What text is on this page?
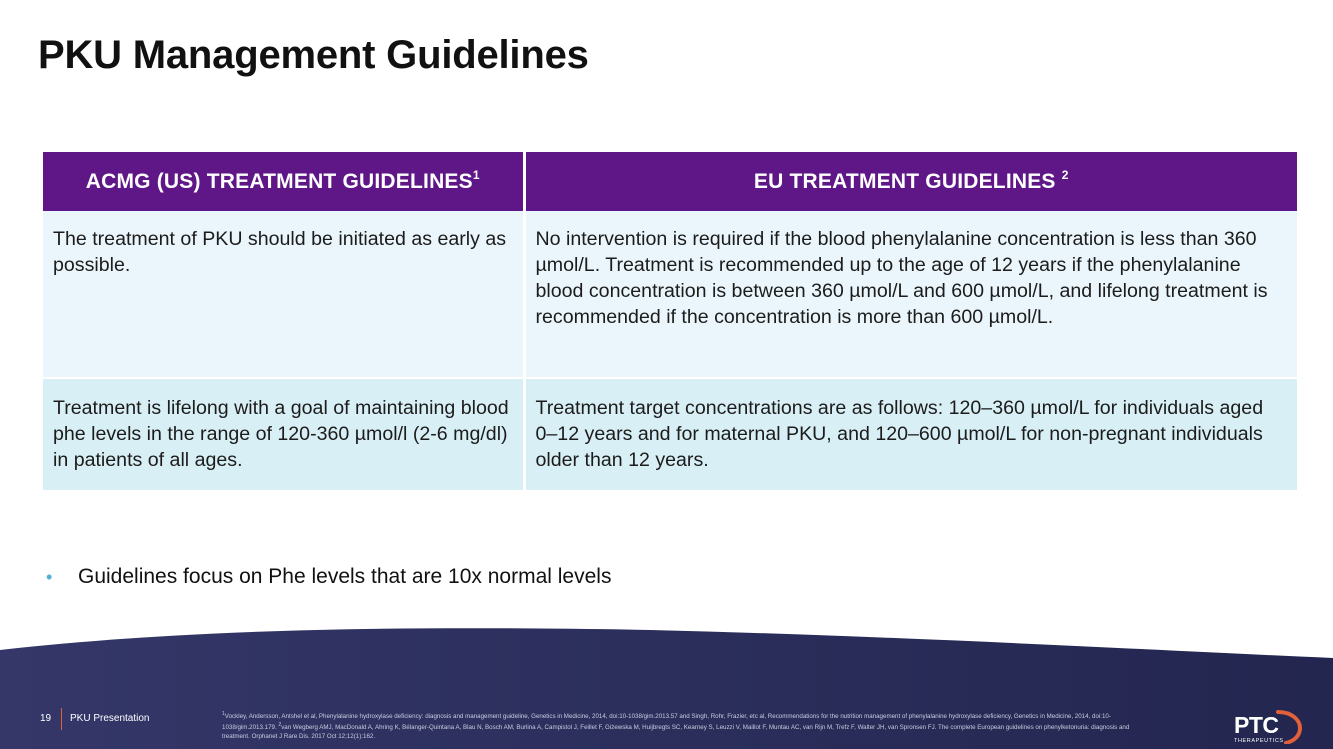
PKU Management Guidelines
ACMG (US) TREATMENT GUIDELINES$^1$	EU TREATMENT GUIDELINES $^2$
The treatment of PKU should be initiated as early as possible.	No intervention is required if the blood phenylalanine concentration is less than 360 µmol/L. Treatment is recommended up to the age of 12 years if the phenylalanine blood concentration is between 360 µmol/L and 600 µmol/L, and lifelong treatment is recommended if the concentration is more than 600 µmol/L.
Treatment is lifelong with a goal of maintaining blood phe levels in the range of 120-360 µmol/l (2-6 mg/dl) in patients of all ages.	Treatment target concentrations are as follows: 120–360 µmol/L for individuals aged 0–12 years and for maternal PKU, and 120–600 µmol/L for non-pregnant individuals older than 12 years.
•	Guidelines focus on Phe levels that are 10x normal levels
19 PKU Presentation	$^1$Vockley, Andersson, Antshel et al, Phenylalanine hydroxylase deficiency: diagnosis and management guideline, Genetics in Medicine, 2014, doi:10-1038/gim.2013.57 and Singh, Rohr, Frazier, etc al, Recommendations for the nutrition management of phenylalanine hydroxylase deficiency, Genetics in Medicine, 2014, doi:10- 1038/gim.2013.179. $^2$van Wegberg AMJ, MacDonald A, Ahring K, Bélanger-Quintana A, Blau N, Bosch AM, Burlina A, Campistol J, Feillet F, Giżewska M, Huijbregts SC, Kearney S, Leuzzi V, Maillot F, Muntau AC, van Rijn M, Trefz F, Walter JH, van Spronsen FJ. The complete European guidelines on phenylketonuria: diagnosis and treatment. Orphanet J Rare Dis. 2017 Oct 12;12(1):162.	PTC
THERAPEUTICS
